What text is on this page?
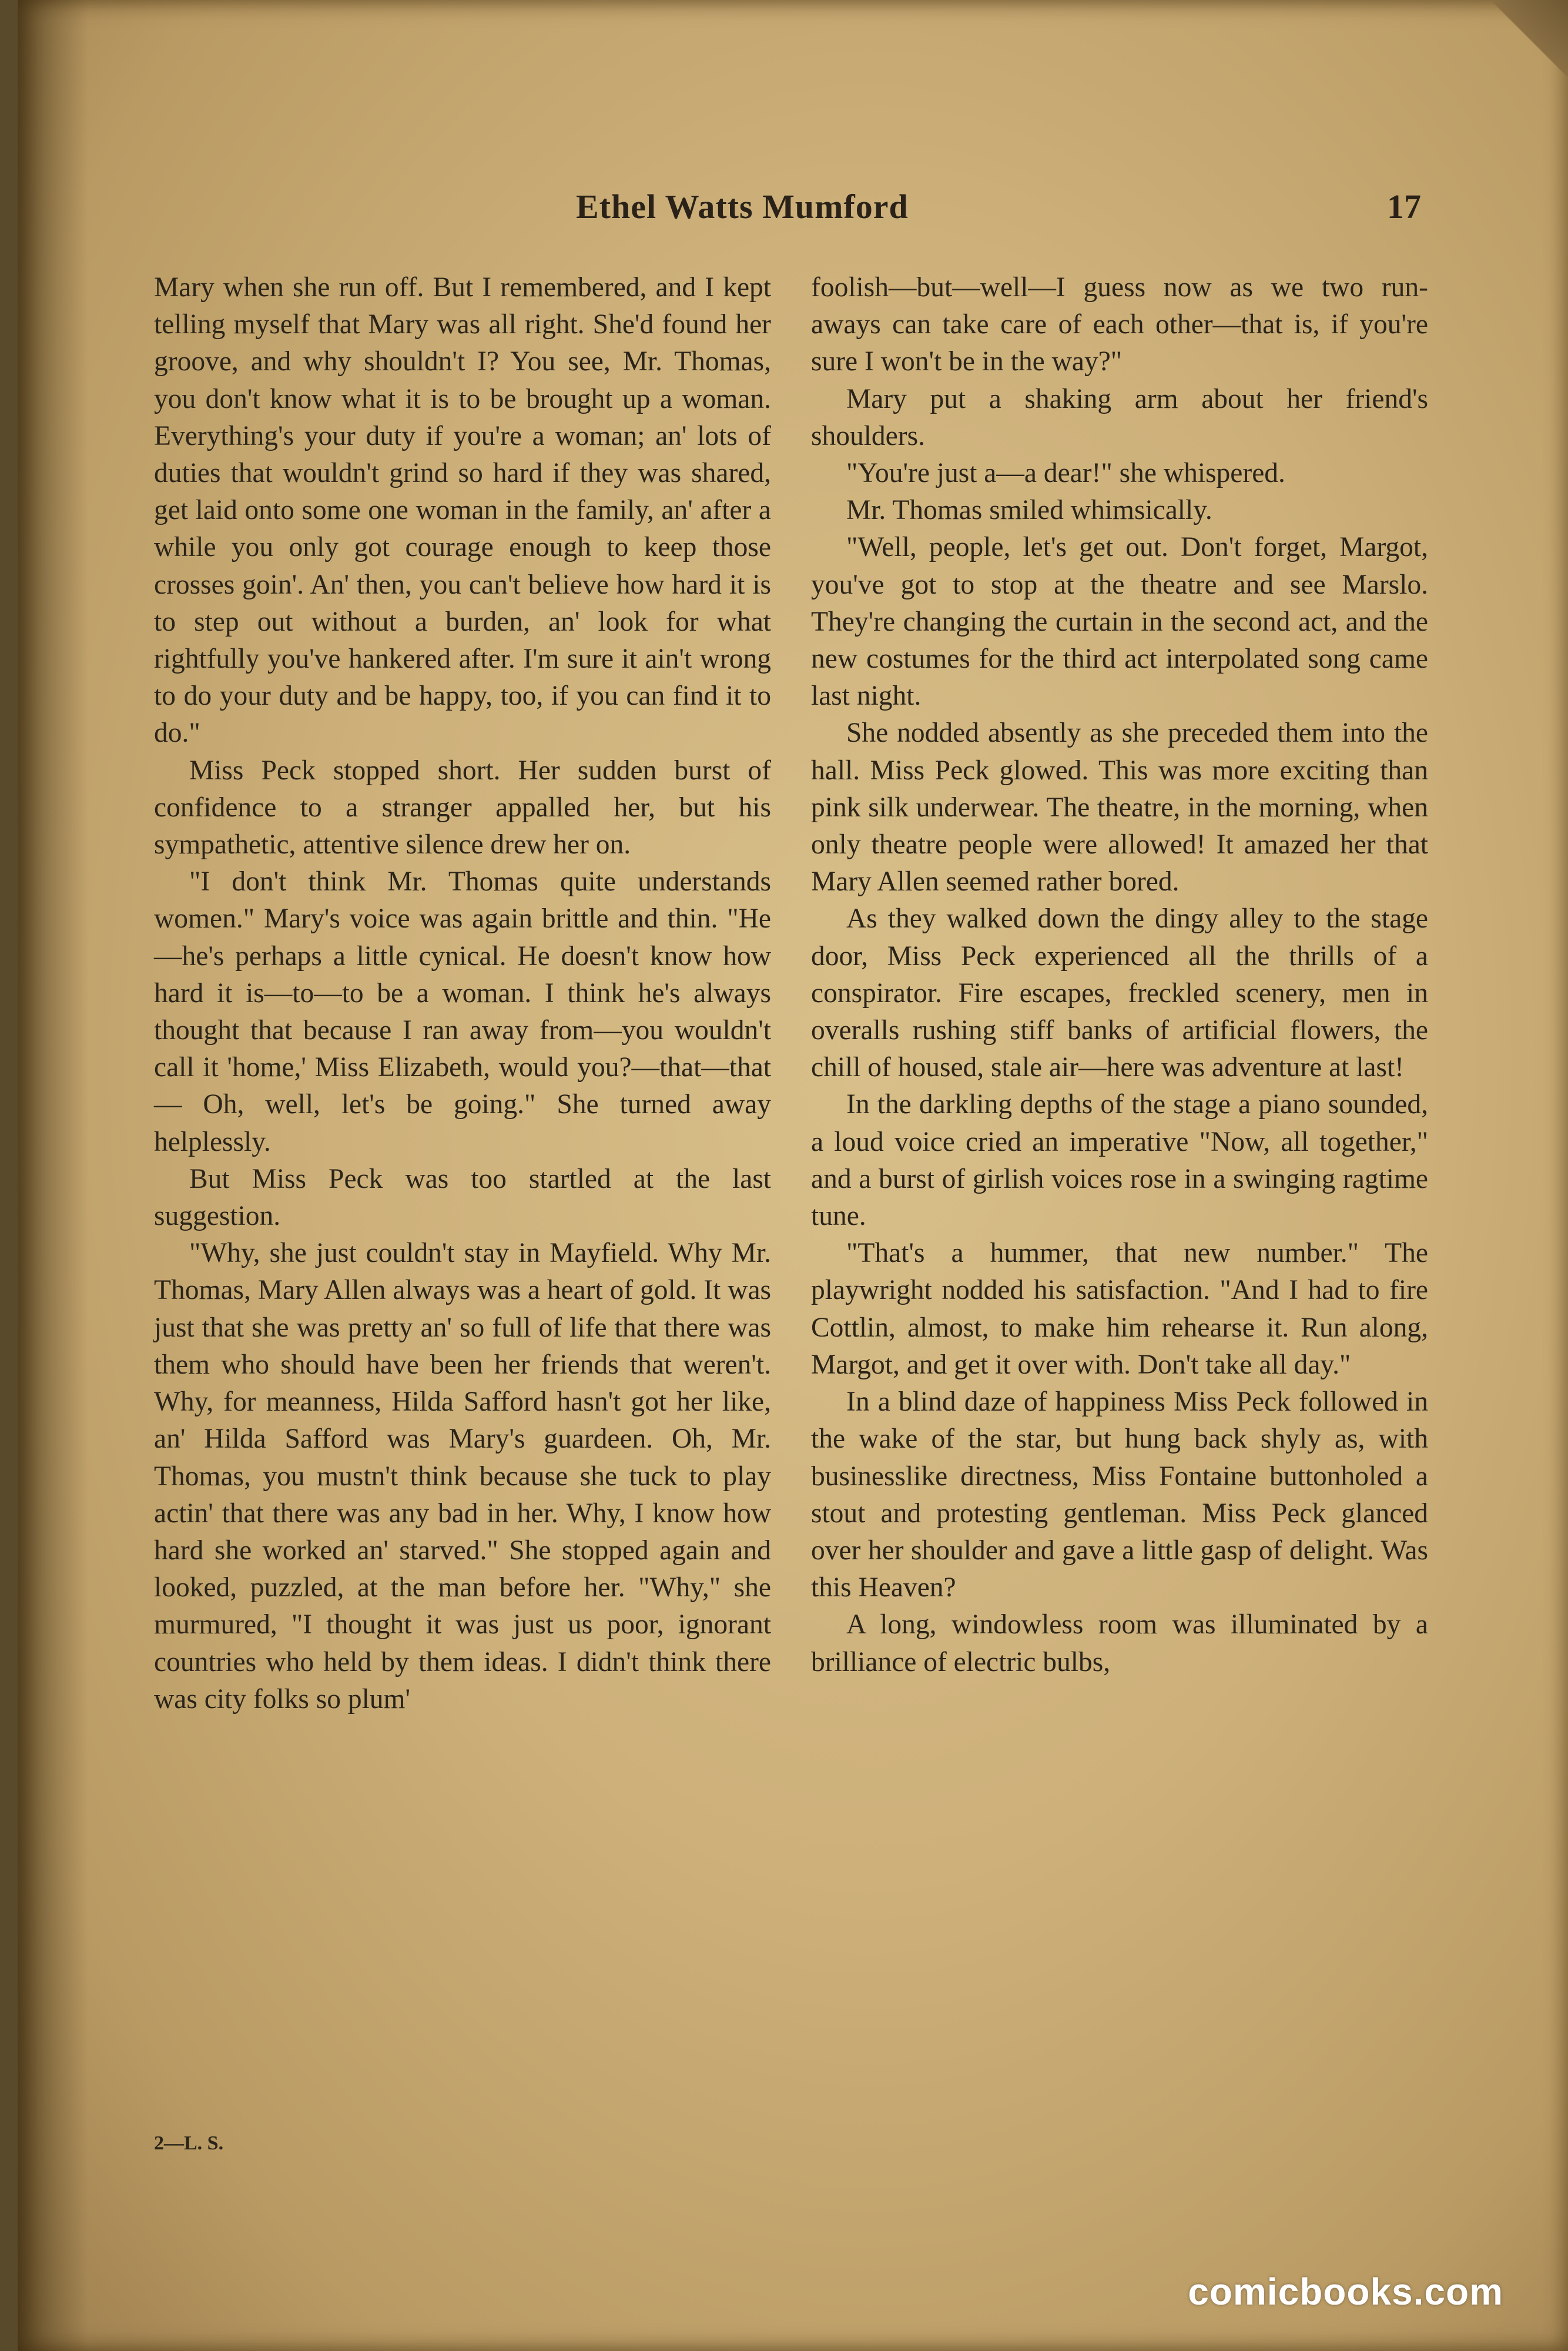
Ethel Watts Mumford	17

Mary when she run off. But I remembered, and I kept telling myself that Mary was all right. She'd found her groove, and why shouldn't I? You see, Mr. Thomas, you don't know what it is to be brought up a woman. Everything's your duty if you're a woman; an' lots of duties that wouldn't grind so hard if they was shared, get laid onto some one woman in the family, an' after a while you only got courage enough to keep those crosses goin'. An' then, you can't believe how hard it is to step out without a burden, an' look for what rightfully you've hankered after. I'm sure it ain't wrong to do your duty and be happy, too, if you can find it to do."

Miss Peck stopped short. Her sudden burst of confidence to a stranger appalled her, but his sympathetic, attentive silence drew her on.

"I don't think Mr. Thomas quite understands women." Mary's voice was again brittle and thin. "He—he's perhaps a little cynical. He doesn't know how hard it is—to—to be a woman. I think he's always thought that because I ran away from—you wouldn't call it 'home,' Miss Elizabeth, would you?—that—that— Oh, well, let's be going." She turned away helplessly.

But Miss Peck was too startled at the last suggestion.

"Why, she just couldn't stay in Mayfield. Why Mr. Thomas, Mary Allen always was a heart of gold. It was just that she was pretty an' so full of life that there was them who should have been her friends that weren't. Why, for meanness, Hilda Safford hasn't got her like, an' Hilda Safford was Mary's guardeen. Oh, Mr. Thomas, you mustn't think because she tuck to play actin' that there was any bad in her. Why, I know how hard she worked an' starved." She stopped again and looked, puzzled, at the man before her. "Why," she murmured, "I thought it was just us poor, ignorant countries who held by them ideas. I didn't think there was city folks so plum'

foolish—but—well—I guess now as we two run-aways can take care of each other—that is, if you're sure I won't be in the way?"

Mary put a shaking arm about her friend's shoulders.

"You're just a—a dear!" she whispered.

Mr. Thomas smiled whimsically.

"Well, people, let's get out. Don't forget, Margot, you've got to stop at the theatre and see Marslo. They're changing the curtain in the second act, and the new costumes for the third act interpolated song came last night.

She nodded absently as she preceded them into the hall. Miss Peck glowed. This was more exciting than pink silk underwear. The theatre, in the morning, when only theatre people were allowed! It amazed her that Mary Allen seemed rather bored.

As they walked down the dingy alley to the stage door, Miss Peck experienced all the thrills of a conspirator. Fire escapes, freckled scenery, men in overalls rushing stiff banks of artificial flowers, the chill of housed, stale air—here was adventure at last!

In the darkling depths of the stage a piano sounded, a loud voice cried an imperative "Now, all together," and a burst of girlish voices rose in a swinging ragtime tune.

"That's a hummer, that new number." The playwright nodded his satisfaction. "And I had to fire Cottlin, almost, to make him rehearse it. Run along, Margot, and get it over with. Don't take all day."

In a blind daze of happiness Miss Peck followed in the wake of the star, but hung back shyly as, with businesslike directness, Miss Fontaine buttonholed a stout and protesting gentleman. Miss Peck glanced over her shoulder and gave a little gasp of delight. Was this Heaven?

A long, windowless room was illuminated by a brilliance of electric bulbs,

2—L. S.
comicbooks.com
